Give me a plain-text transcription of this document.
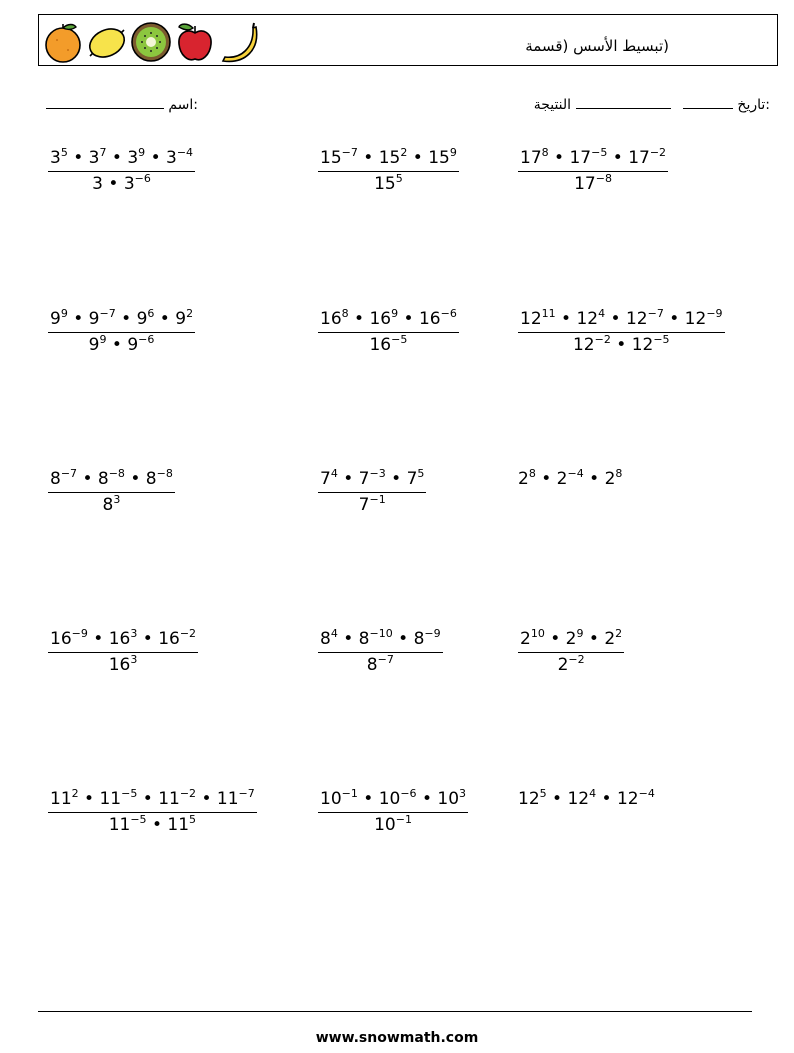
(تبسيط الأسس (قسمة
:تاريخ   النتيجة
:اسم
$\frac{3^5 • 3^7 • 3^9 • 3^{-4}}{3 • 3^{-6}}$	$\frac{15^{-7} • 15^2 • 15^9}{15^5}$	$\frac{17^8 • 17^{-5} • 17^{-2}}{17^{-8}}$
$\frac{9^9 • 9^{-7} • 9^6 • 9^2}{9^9 • 9^{-6}}$	$\frac{16^8 • 16^9 • 16^{-6}}{16^{-5}}$	$\frac{12^{11} • 12^4 • 12^{-7} • 12^{-9}}{12^{-2} • 12^{-5}}$
$\frac{8^{-7} • 8^{-8} • 8^{-8}}{8^3}$	$\frac{7^4 • 7^{-3} • 7^5}{7^{-1}}$	$2^8$ • $2^{-4}$ • $2^8$
$\frac{16^{-9} • 16^3 • 16^{-2}}{16^3}$	$\frac{8^4 • 8^{-10} • 8^{-9}}{8^{-7}}$	$\frac{2^{10} • 2^9 • 2^2}{2^{-2}}$
$\frac{11^2 • 11^{-5} • 11^{-2} • 11^{-7}}{11^{-5} • 11^5}$	$\frac{10^{-1} • 10^{-6} • 10^3}{10^{-1}}$	$12^5$ • $12^4$ • $12^{-4}$
www.snowmath.com
